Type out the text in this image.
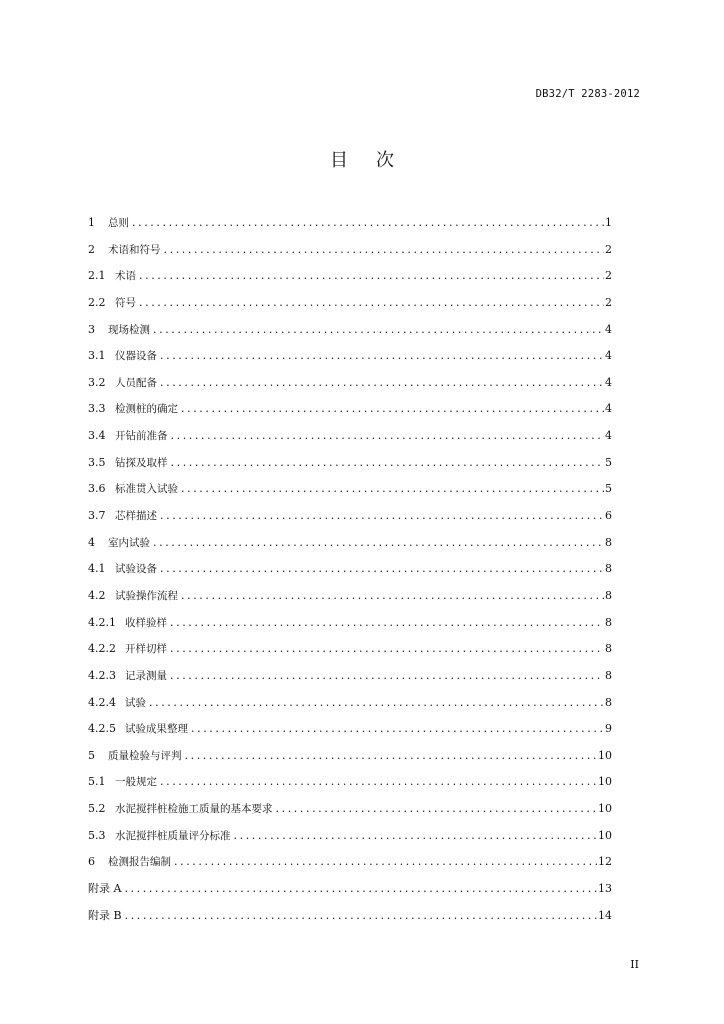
DB32/T 2283-2012
目次
1	总则 .....	1
2	术语和符号 .....	2
2.1 术语 .....	2
2.2 符号 .....	2
3	现场检测 .....	4
3.1 仪器设备 .....	4
3.2 人员配备 .....	4
3.3 检测桩的确定 .....	4
3.4 开钻前准备 .....	4
3.5 钻探及取样 .....	5
3.6 标准贯入试验 .....	5
3.7 芯样描述 .....	6
4	室内试验 .....	8
4.1 试验设备 .....	8
4.2 试验操作流程 .....	8
4.2.1 收样验样 .....	8
4.2.2 开样切样 .....	8
4.2.3 记录测量 .....	8
4.2.4 试验 .....	8
4.2.5 试验成果整理 .....	9
5	质量检验与评判 .....	10
5.1 一般规定 .....	10
5.2 水泥搅拌桩检施工质量的基本要求 .....	10
5.3 水泥搅拌桩质量评分标准 .....	10
6	检测报告编制 .....	12
附录 A .....	13
附录 B .....	14
II
